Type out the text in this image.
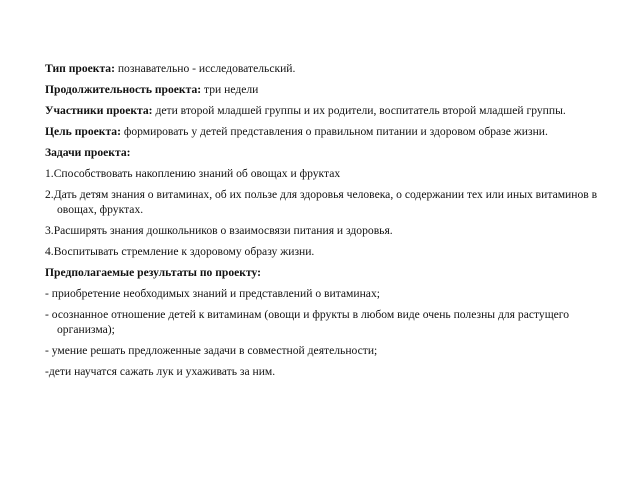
Тип проекта: познавательно - исследовательский.

Продолжительность проекта: три недели

Участники проекта: дети второй младшей группы и их родители, воспитатель второй младшей группы.

Цель проекта: формировать у детей представления о правильном питании и здоровом образе жизни.

Задачи проекта:

1.Способствовать накоплению знаний об овощах и фруктах

2.Дать детям знания о витаминах, об их пользе для здоровья человека, о содержании тех или иных витаминов в овощах, фруктах.

3.Расширять знания дошкольников о взаимосвязи питания и здоровья.

4.Воспитывать стремление к здоровому образу жизни.

Предполагаемые результаты по проекту:

- приобретение необходимых знаний и представлений о витаминах;

- осознанное отношение детей к витаминам (овощи и фрукты в любом виде очень полезны для растущего организма);

- умение решать предложенные задачи в совместной деятельности;

-дети научатся сажать лук и ухаживать за ним.
